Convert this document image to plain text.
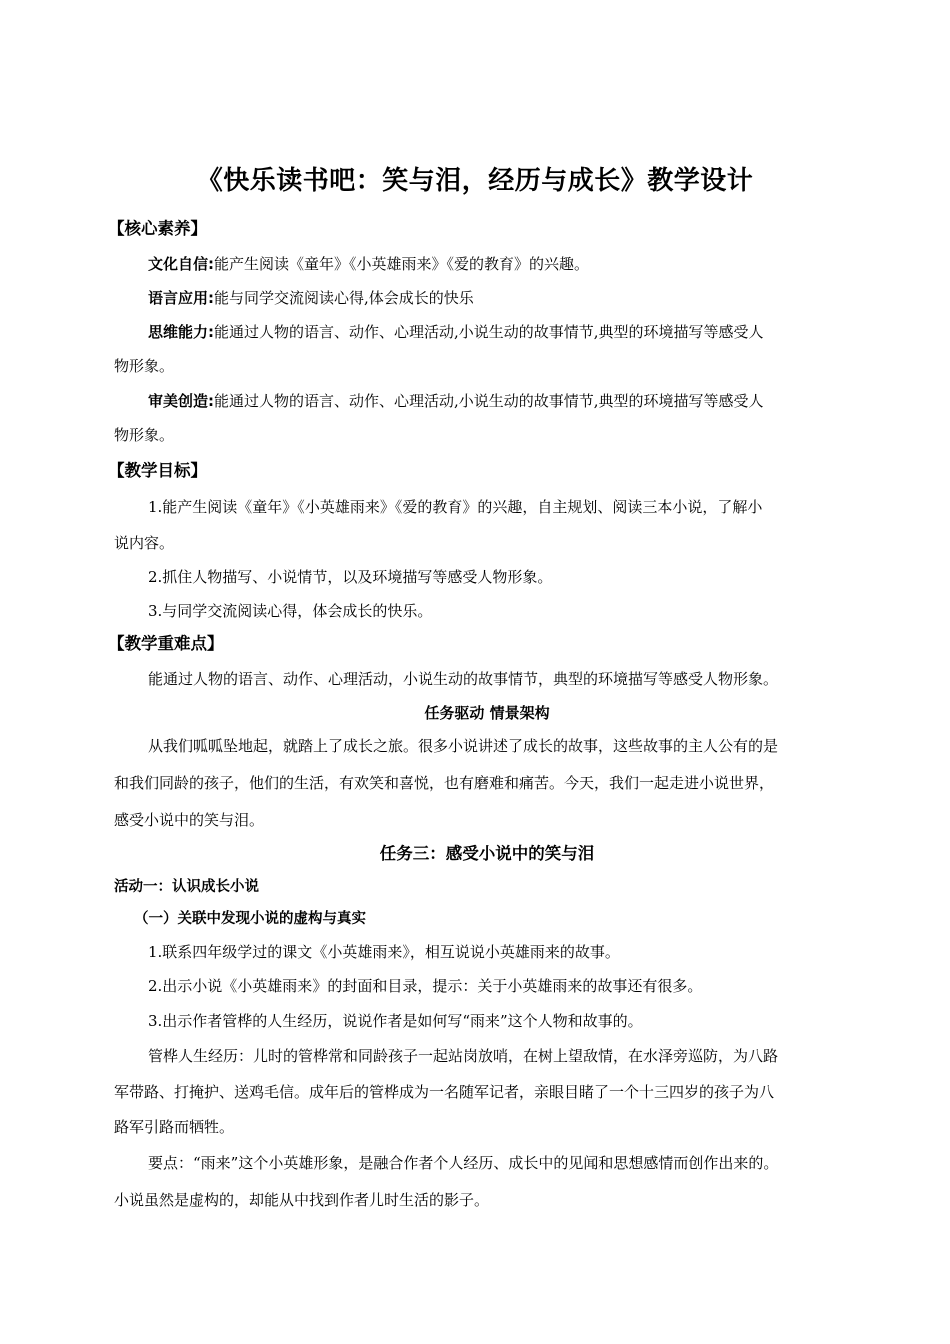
《快乐读书吧：笑与泪，经历与成长》教学设计
【核心素养】
文化自信:能产生阅读《童年》《小英雄雨来》《爱的教育》的兴趣。
语言应用:能与同学交流阅读心得,体会成长的快乐
思维能力:能通过人物的语言、动作、心理活动,小说生动的故事情节,典型的环境描写等感受人
物形象。
审美创造:能通过人物的语言、动作、心理活动,小说生动的故事情节,典型的环境描写等感受人
物形象。
【教学目标】
1.能产生阅读《童年》《小英雄雨来》《爱的教育》的兴趣，自主规划、阅读三本小说，了解小
说内容。
2.抓住人物描写、小说情节，以及环境描写等感受人物形象。
3.与同学交流阅读心得，体会成长的快乐。
【教学重难点】
能通过人物的语言、动作、心理活动，小说生动的故事情节，典型的环境描写等感受人物形象。
任务驱动 情景架构
从我们呱呱坠地起，就踏上了成长之旅。很多小说讲述了成长的故事，这些故事的主人公有的是
和我们同龄的孩子，他们的生活，有欢笑和喜悦，也有磨难和痛苦。今天，我们一起走进小说世界，
感受小说中的笑与泪。
任务三：感受小说中的笑与泪
活动一：认识成长小说
（一）关联中发现小说的虚构与真实
1.联系四年级学过的课文《小英雄雨来》，相互说说小英雄雨来的故事。
2.出示小说《小英雄雨来》的封面和目录，提示：关于小英雄雨来的故事还有很多。
3.出示作者管桦的人生经历，说说作者是如何写“雨来”这个人物和故事的。
管桦人生经历：儿时的管桦常和同龄孩子一起站岗放哨，在树上望敌情，在水泽旁巡防，为八路
军带路、打掩护、送鸡毛信。成年后的管桦成为一名随军记者，亲眼目睹了一个十三四岁的孩子为八
路军引路而牺牲。
要点：“雨来”这个小英雄形象，是融合作者个人经历、成长中的见闻和思想感情而创作出来的。
小说虽然是虚构的，却能从中找到作者儿时生活的影子。
